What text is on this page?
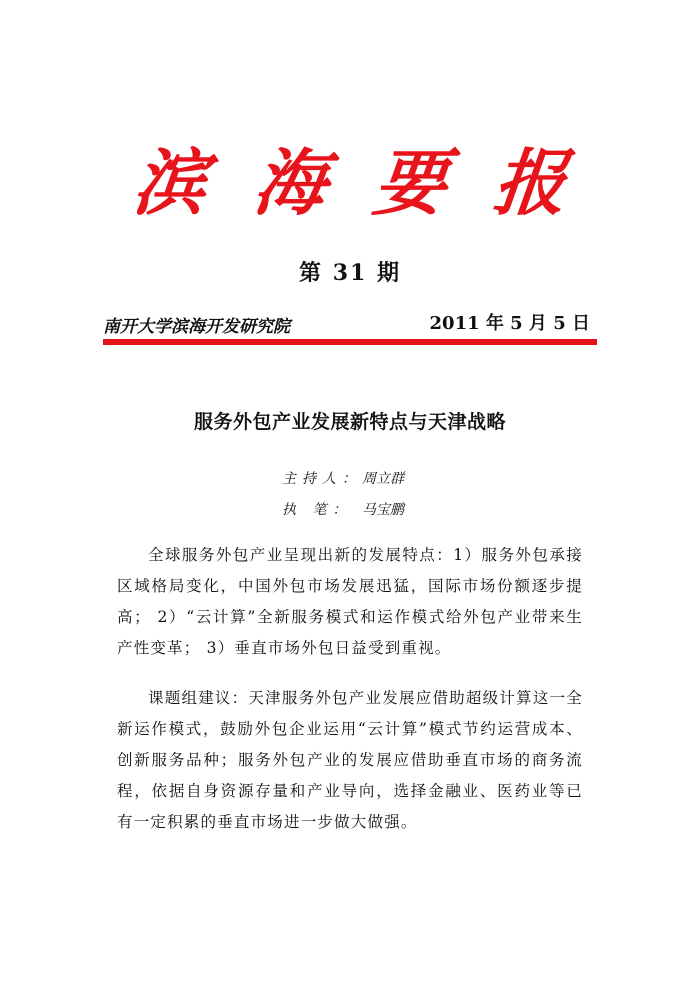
滨 海 要 报
第 31 期
南开大学滨海开发研究院	2011 年 5 月 5 日
服务外包产业发展新特点与天津战略
主持人： 周立群
执 笔： 马宝鹏

全球服务外包产业呈现出新的发展特点：1）服务外包承接区域格局变化，中国外包市场发展迅猛，国际市场份额逐步提高； 2）“云计算”全新服务模式和运作模式给外包产业带来生产性变革； 3）垂直市场外包日益受到重视。

课题组建议：天津服务外包产业发展应借助超级计算这一全新运作模式，鼓励外包企业运用“云计算”模式节约运营成本、创新服务品种；服务外包产业的发展应借助垂直市场的商务流程，依据自身资源存量和产业导向，选择金融业、医药业等已有一定积累的垂直市场进一步做大做强。
